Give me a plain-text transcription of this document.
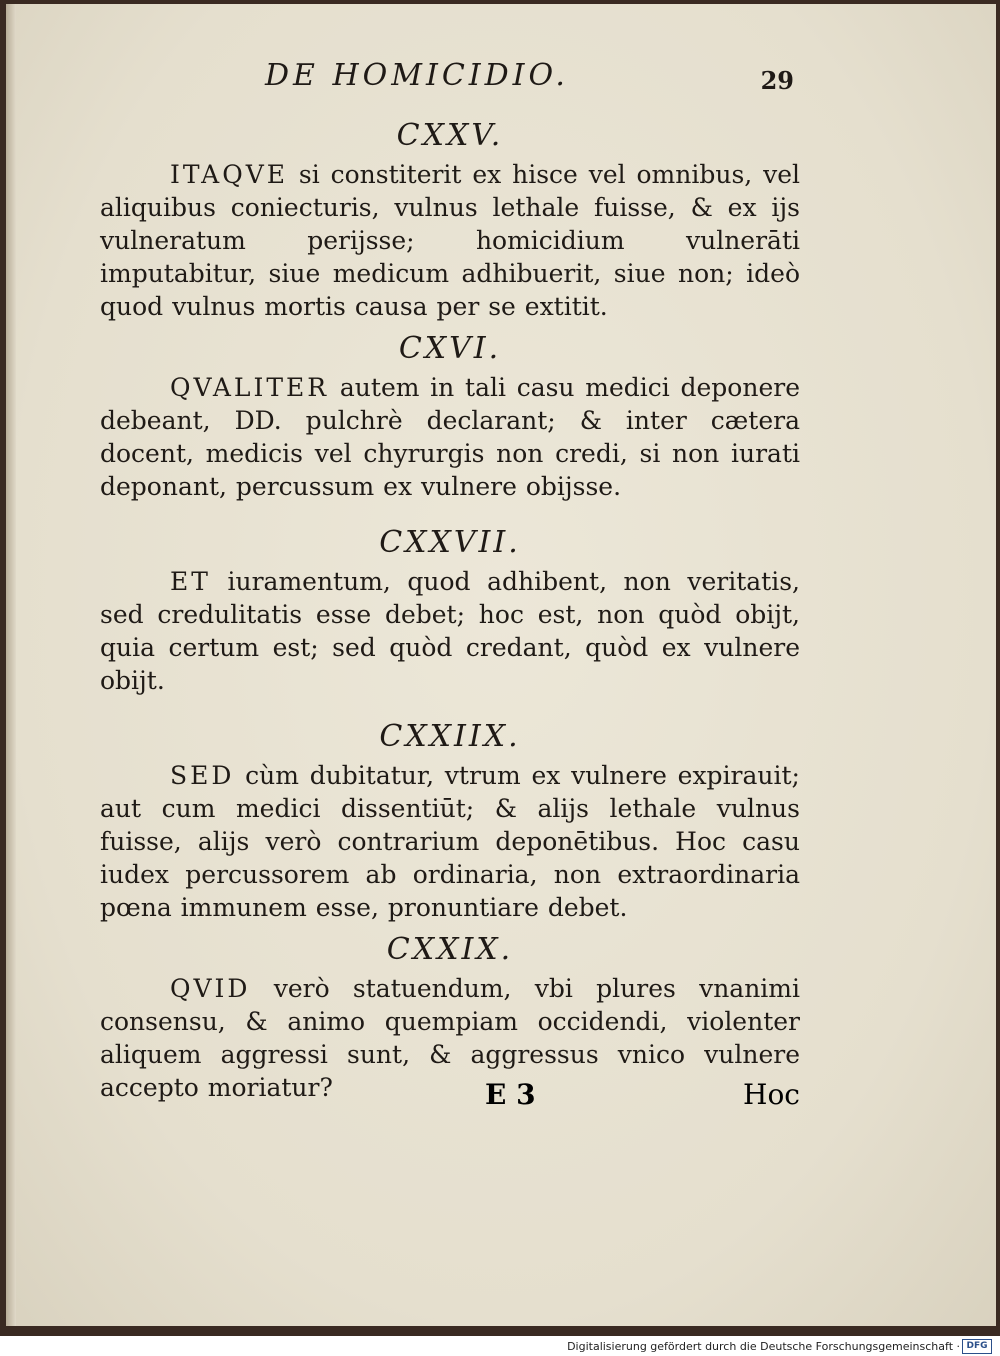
DE HOMICIDIO.	29

CXXV.

ITAQVE si constiterit ex hisce vel omnibus, vel aliquibus coniecturis, vulnus lethale fuisse, & ex ijs vulneratum perijsse; homicidium vulnerāti imputabitur, siue medicum adhibuerit, siue non; ideò quod vulnus mortis causa per se extitit.

CXVI.

QVALITER autem in tali casu medici deponere debeant, DD. pulchrè declarant; & inter cætera docent, medicis vel chyrurgis non credi, si non iurati deponant, percussum ex vulnere obijsse.

CXXVII.

ET iuramentum, quod adhibent, non veritatis, sed credulitatis esse debet; hoc est, non quòd obijt, quia certum est; sed quòd credant, quòd ex vulnere obijt.

CXXIIX.

SED cùm dubitatur, vtrum ex vulnere expirauit; aut cum medici dissentiūt; & alijs lethale vulnus fuisse, alijs verò contrarium deponētibus. Hoc casu iudex percussorem ab ordinaria, non extraordinaria pœna immunem esse, pronuntiare debet.

CXXIX.

QVID verò statuendum, vbi plures vnanimi consensu, & animo quempiam occidendi, violenter aliquem aggressi sunt, & aggressus vnico vulnere accepto moriatur?	E 3	Hoc
Digitalisierung gefördert durch die Deutsche Forschungsgemeinschaft · DFG
